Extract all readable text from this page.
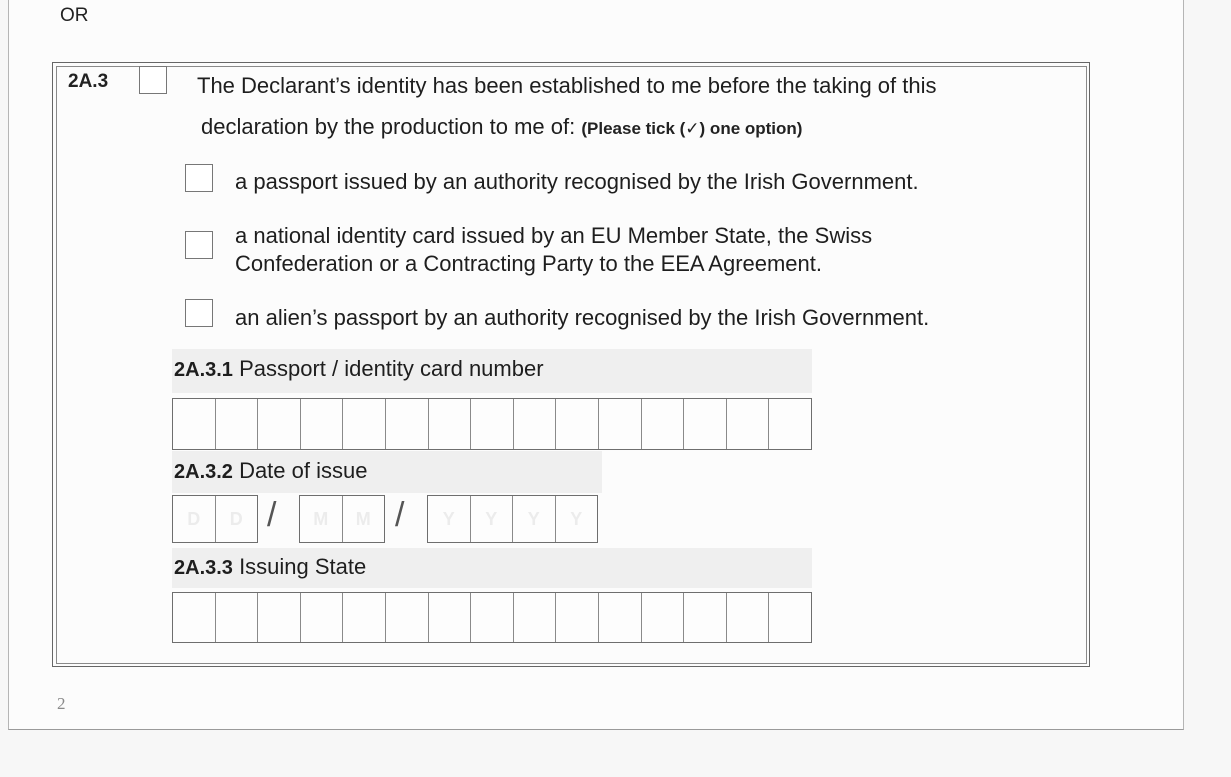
OR
2A.3	The Declarant’s identity has been established to me before the taking of this
declaration by the production to me of: (Please tick (✓) one option)
a passport issued by an authority recognised by the Irish Government.
a national identity card issued by an EU Member State, the Swiss
Confederation or a Contracting Party to the EEA Agreement.
an alien’s passport by an authority recognised by the Irish Government.
2A.3.1 Passport / identity card number
2A.3.2 Date of issue
D	D /	M	M /	Y	Y	Y	Y
2A.3.3 Issuing State
2
